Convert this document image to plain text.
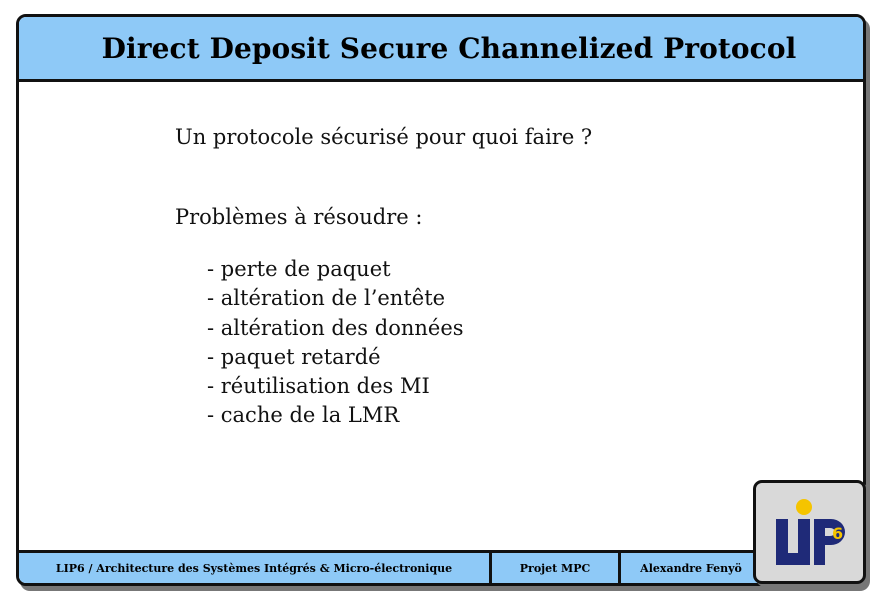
Direct Deposit Secure Channelized Protocol
Un protocole sécurisé pour quoi faire ?
Problèmes à résoudre :
- perte de paquet
- altération de l’entête
- altération des données
- paquet retardé
- réutilisation des MI
- cache de la LMR
LIP6 / Architecture des Systèmes Intégrés & Micro-électronique	Projet MPC	Alexandre Fenyö
6
